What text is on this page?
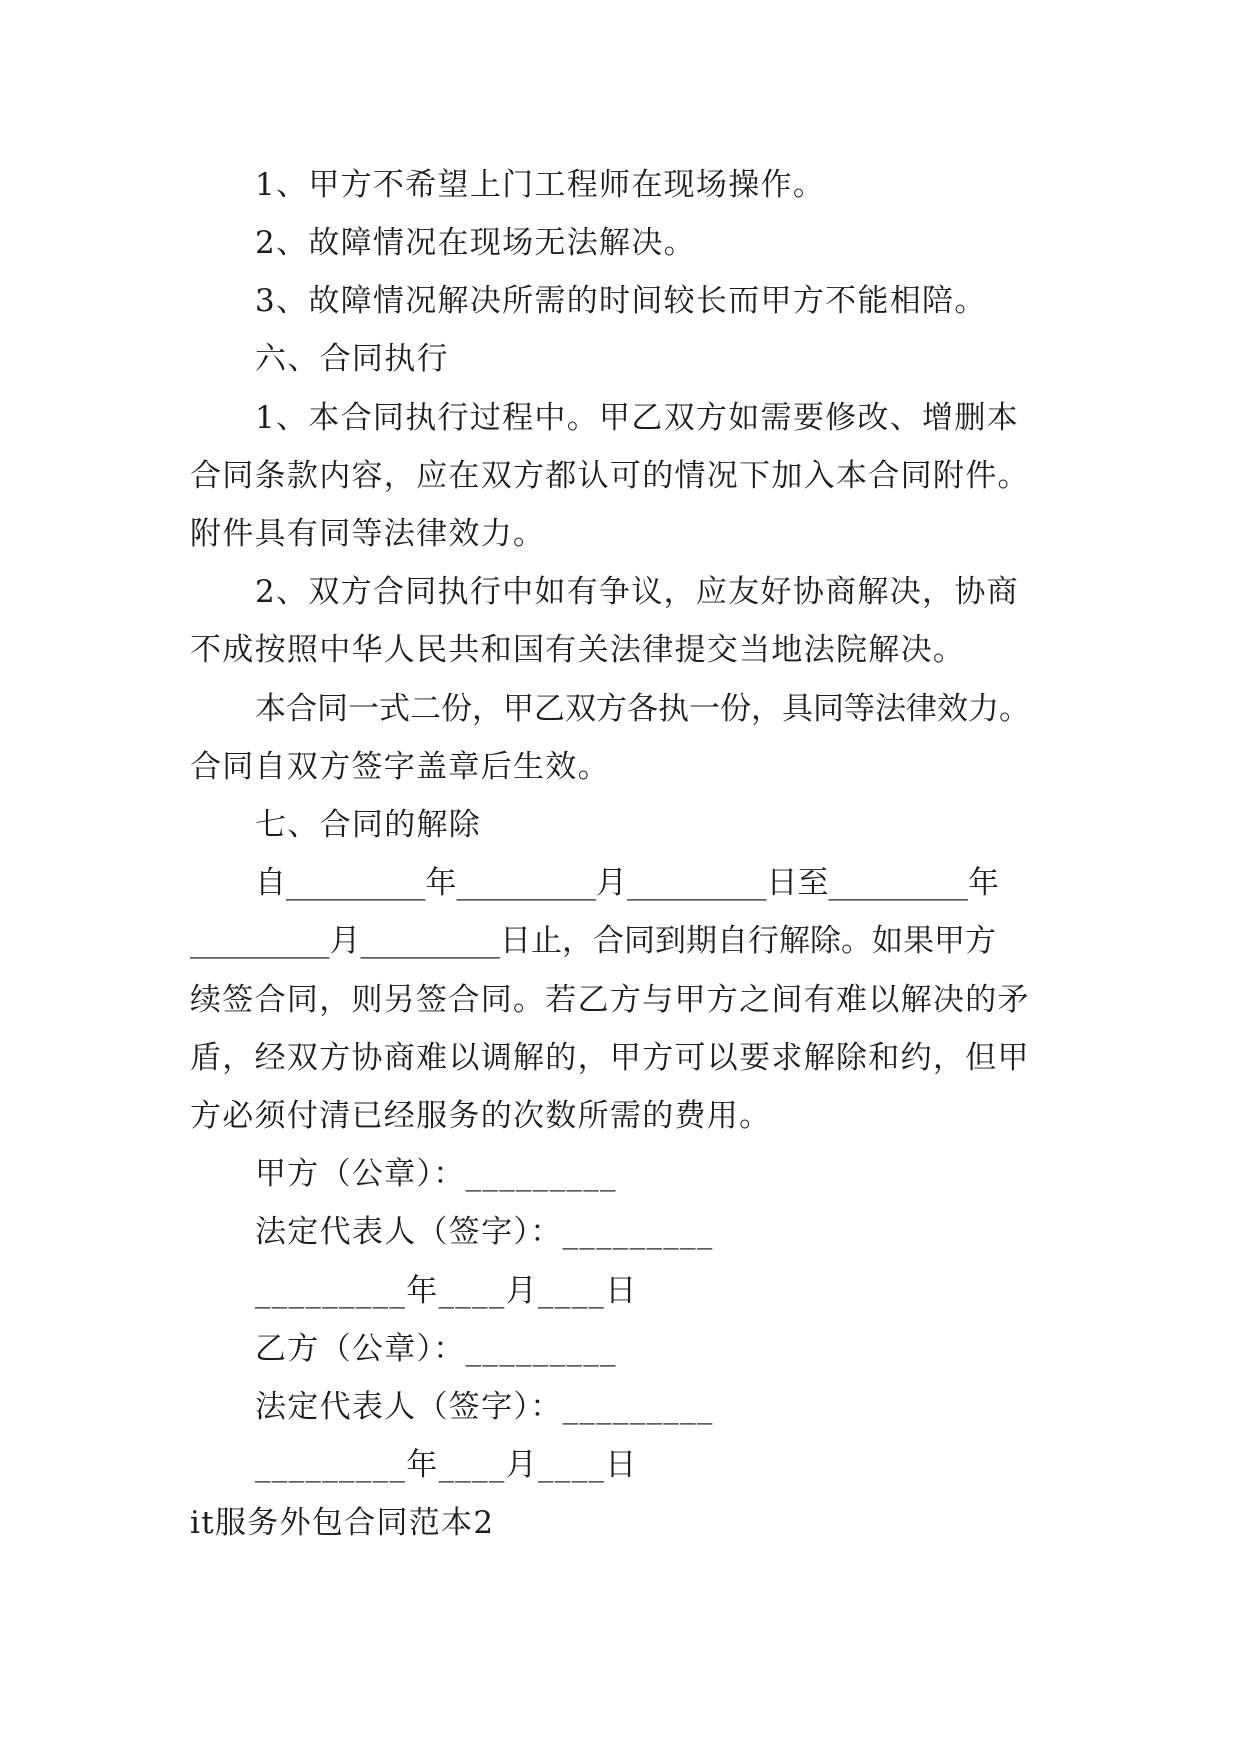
1、甲方不希望上门工程师在现场操作。
2、故障情况在现场无法解决。
3、故障情况解决所需的时间较长而甲方不能相陪。
六、合同执行
1、本合同执行过程中。甲乙双方如需要修改、增删本
合同条款内容，应在双方都认可的情况下加入本合同附件。
附件具有同等法律效力。
2、双方合同执行中如有争议，应友好协商解决，协商
不成按照中华人民共和国有关法律提交当地法院解决。
本合同一式二份，甲乙双方各执一份，具同等法律效力。
合同自双方签字盖章后生效。
七、合同的解除
自_________年_________月_________日至_________年
_________月_________日止，合同到期自行解除。如果甲方
续签合同，则另签合同。若乙方与甲方之间有难以解决的矛
盾，经双方协商难以调解的，甲方可以要求解除和约，但甲
方必须付清已经服务的次数所需的费用。
甲方（公章）：_________
法定代表人（签字）：_________
_________年____月____日
乙方（公章）：_________
法定代表人（签字）：_________
_________年____月____日
it服务外包合同范本2
